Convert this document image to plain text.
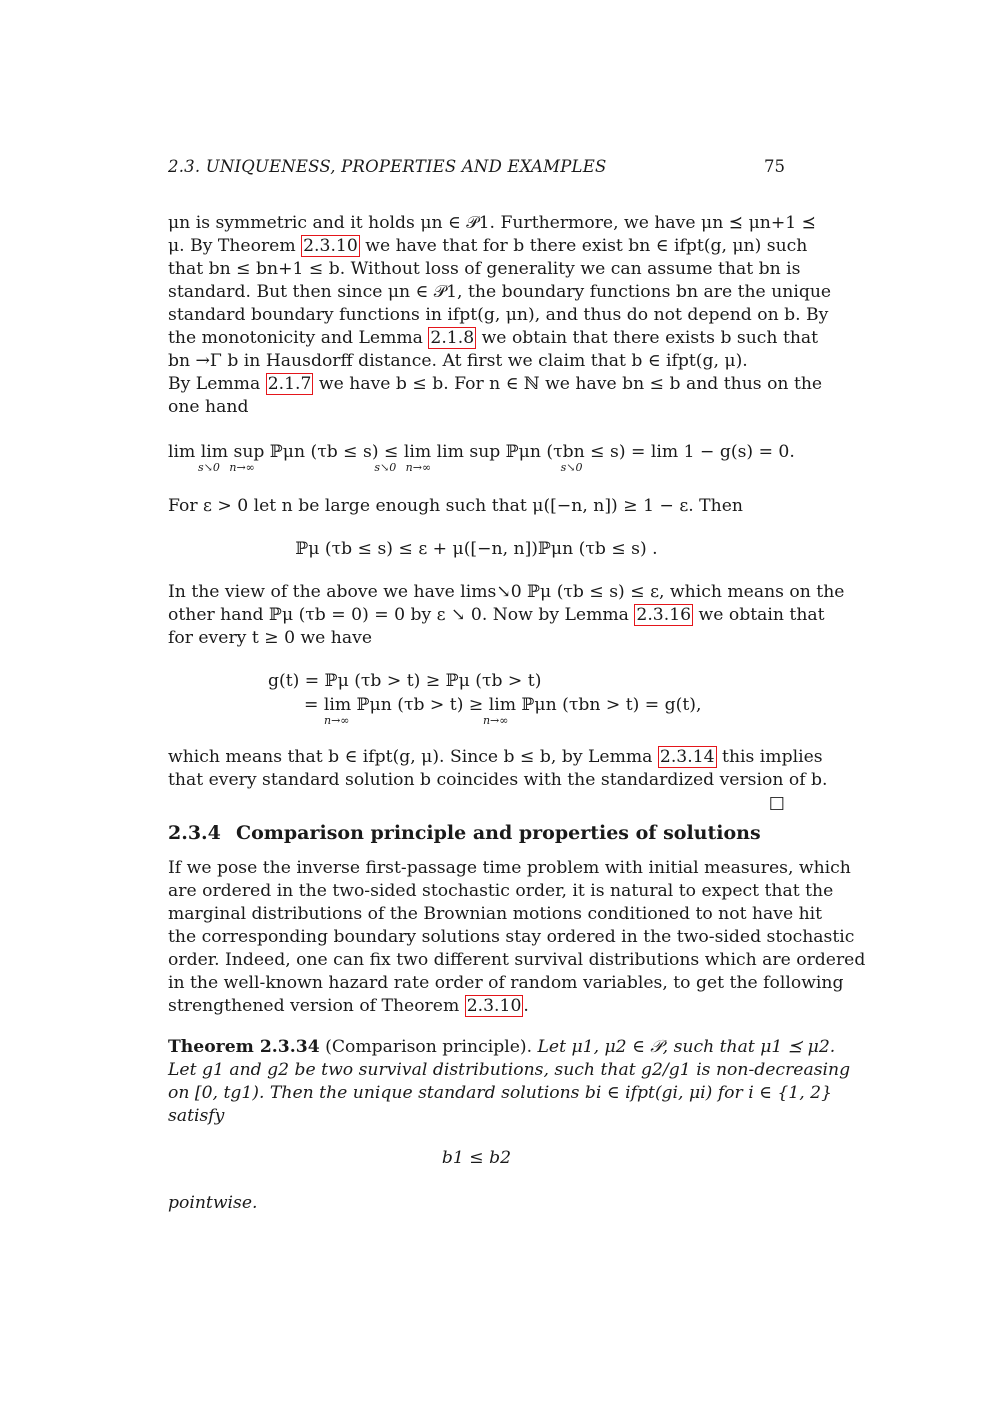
2.3. UNIQUENESS, PROPERTIES AND EXAMPLES	75
μn is symmetric and it holds μn ∈ 𝒫1. Furthermore, we have μn ⪯ μn+1 ⪯
μ. By Theorem 2.3.10 we have that for b there exist bn ∈ ifpt(g, μn) such
that bn ≤ bn+1 ≤ b. Without loss of generality we can assume that bn is
standard. But then since μn ∈ 𝒫1, the boundary functions bn are the unique
standard boundary functions in ifpt(g, μn), and thus do not depend on b. By
the monotonicity and Lemma 2.1.8 we obtain that there exists b such that
bn →Γ b in Hausdorff distance. At first we claim that b ∈ ifpt(g, μ).
By Lemma 2.1.7 we have b ≤ b. For n ∈ ℕ we have bn ≤ b and thus on the
one hand
lim lim sup ℙμn (τb ≤ s) ≤ lim lim sup ℙμn (τbn ≤ s) = lim 1 − g(s) = 0.
s↘0 n→∞	s↘0 n→∞	s↘0
For ε > 0 let n be large enough such that μ([−n, n]) ≥ 1 − ε. Then
ℙμ (τb ≤ s) ≤ ε + μ([−n, n])ℙμn (τb ≤ s) .
In the view of the above we have lims↘0 ℙμ (τb ≤ s) ≤ ε, which means on the
other hand ℙμ (τb = 0) = 0 by ε ↘ 0. Now by Lemma 2.3.16 we obtain that
for every t ≥ 0 we have
g(t) = ℙμ (τb > t) ≥ ℙμ (τb > t)
= lim ℙμn (τb > t) ≥ lim ℙμn (τbn > t) = g(t),
n→∞	n→∞
which means that b ∈ ifpt(g, μ). Since b ≤ b, by Lemma 2.3.14 this implies
that every standard solution b coincides with the standardized version of b.
□
2.3.4 Comparison principle and properties of solutions
If we pose the inverse first-passage time problem with initial measures, which
are ordered in the two-sided stochastic order, it is natural to expect that the
marginal distributions of the Brownian motions conditioned to not have hit
the corresponding boundary solutions stay ordered in the two-sided stochastic
order. Indeed, one can fix two different survival distributions which are ordered
in the well-known hazard rate order of random variables, to get the following
strengthened version of Theorem 2.3.10 .
Theorem 2.3.34 (Comparison principle). Let μ1, μ2 ∈ 𝒫, such that μ1 ⪯ μ2.
Let g1 and g2 be two survival distributions, such that g2/g1 is non-decreasing
on [0, tg1). Then the unique standard solutions bi ∈ ifpt(gi, μi) for i ∈ {1, 2}
satisfy
b1 ≤ b2
pointwise.
